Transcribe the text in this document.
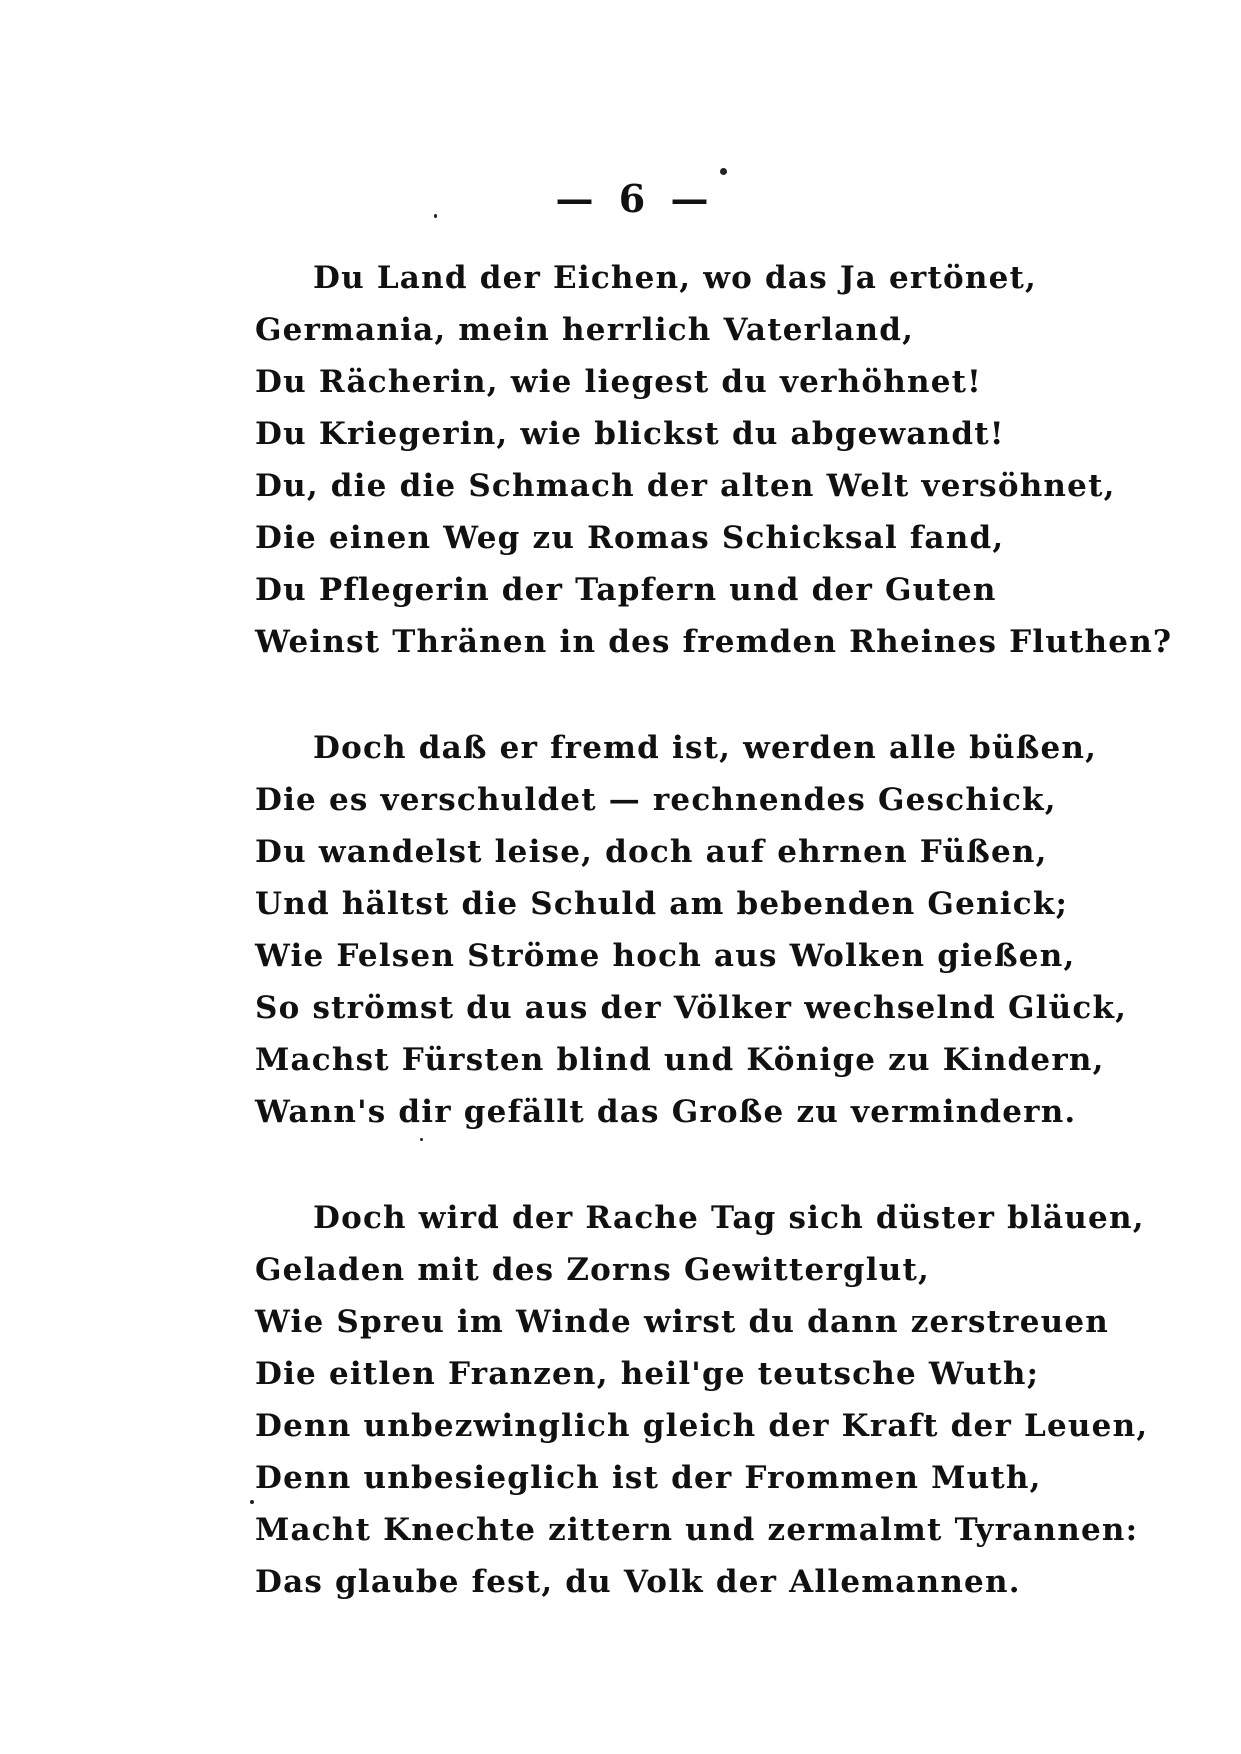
— 6 —
Du Land der Eichen, wo das Ja ertönet,
Germania, mein herrlich Vaterland,
Du Rächerin, wie liegest du verhöhnet!
Du Kriegerin, wie blickst du abgewandt!
Du, die die Schmach der alten Welt versöhnet,
Die einen Weg zu Romas Schicksal fand,
Du Pflegerin der Tapfern und der Guten
Weinst Thränen in des fremden Rheines Fluthen?
Doch daß er fremd ist, werden alle büßen,
Die es verschuldet — rechnendes Geschick,
Du wandelst leise, doch auf ehrnen Füßen,
Und hältst die Schuld am bebenden Genick;
Wie Felsen Ströme hoch aus Wolken gießen,
So strömst du aus der Völker wechselnd Glück,
Machst Fürsten blind und Könige zu Kindern,
Wann's dir gefällt das Große zu vermindern.
Doch wird der Rache Tag sich düster bläuen,
Geladen mit des Zorns Gewitterglut,
Wie Spreu im Winde wirst du dann zerstreuen
Die eitlen Franzen, heil'ge teutsche Wuth;
Denn unbezwinglich gleich der Kraft der Leuen,
Denn unbesieglich ist der Frommen Muth,
Macht Knechte zittern und zermalmt Tyrannen:
Das glaube fest, du Volk der Allemannen.
